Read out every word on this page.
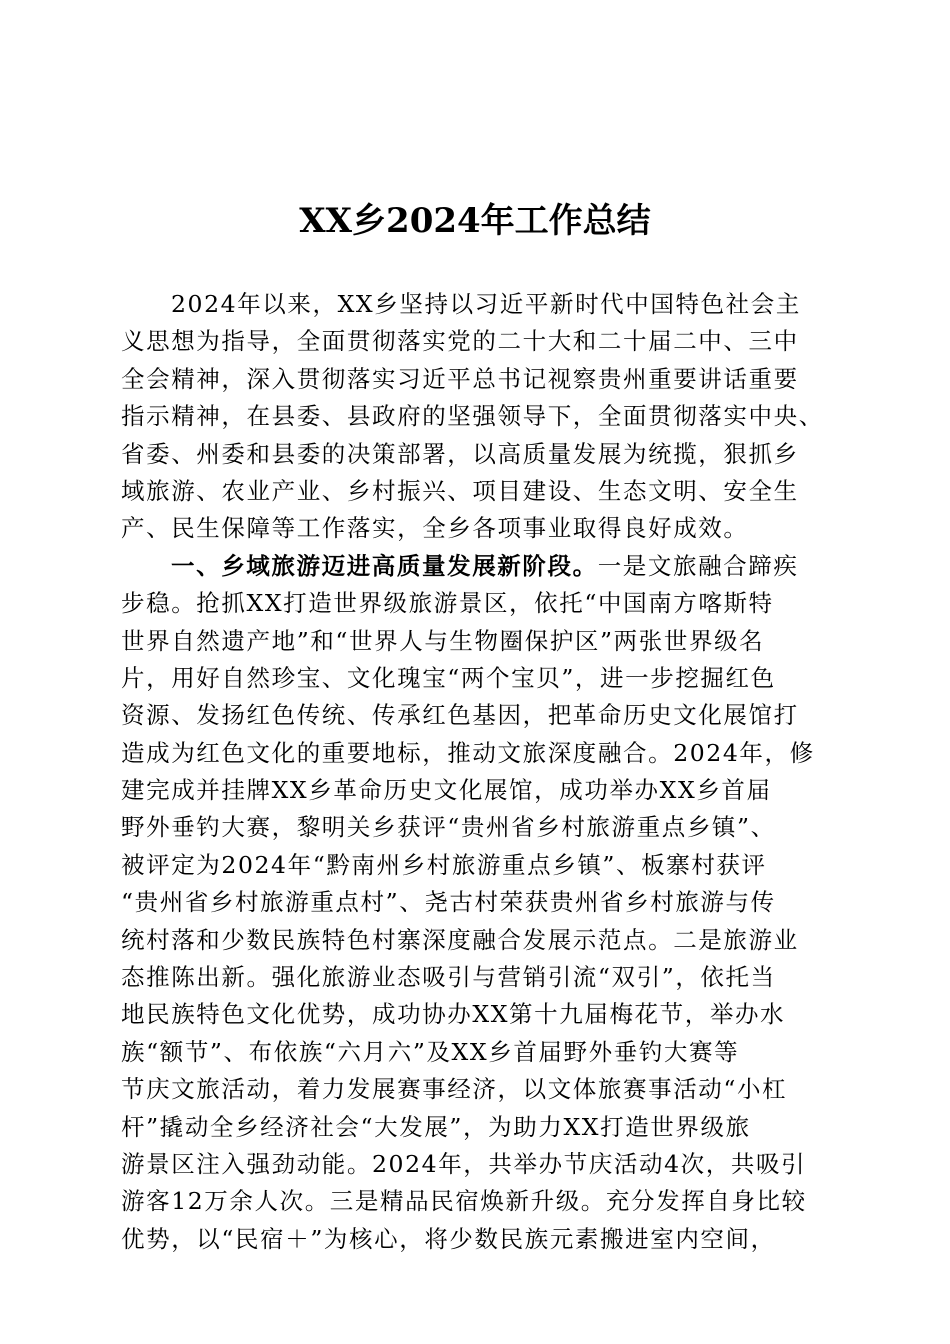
XX乡2024年工作总结
2024年以来，XX乡坚持以习近平新时代中国特色社会主
义思想为指导，全面贯彻落实党的二十大和二十届二中、三中
全会精神，深入贯彻落实习近平总书记视察贵州重要讲话重要
指示精神，在县委、县政府的坚强领导下，全面贯彻落实中央、
省委、州委和县委的决策部署，以高质量发展为统揽，狠抓乡
域旅游、农业产业、乡村振兴、项目建设、生态文明、安全生
产、民生保障等工作落实，全乡各项事业取得良好成效。
一、乡域旅游迈进高质量发展新阶段。一是文旅融合蹄疾
步稳。抢抓XX打造世界级旅游景区，依托“中国南方喀斯特
世界自然遗产地”和“世界人与生物圈保护区”两张世界级名
片，用好自然珍宝、文化瑰宝“两个宝贝”，进一步挖掘红色
资源、发扬红色传统、传承红色基因，把革命历史文化展馆打
造成为红色文化的重要地标，推动文旅深度融合。2024年，修
建完成并挂牌XX乡革命历史文化展馆，成功举办XX乡首届
野外垂钓大赛，黎明关乡获评“贵州省乡村旅游重点乡镇”、
被评定为2024年“黔南州乡村旅游重点乡镇”、板寨村获评
“贵州省乡村旅游重点村”、尧古村荣获贵州省乡村旅游与传
统村落和少数民族特色村寨深度融合发展示范点。二是旅游业
态推陈出新。强化旅游业态吸引与营销引流“双引”，依托当
地民族特色文化优势，成功协办XX第十九届梅花节，举办水
族“额节”、布依族“六月六”及XX乡首届野外垂钓大赛等
节庆文旅活动，着力发展赛事经济，以文体旅赛事活动“小杠
杆”撬动全乡经济社会“大发展”，为助力XX打造世界级旅
游景区注入强劲动能。2024年，共举办节庆活动4次，共吸引
游客12万余人次。三是精品民宿焕新升级。充分发挥自身比较
优势，以“民宿＋”为核心，将少数民族元素搬进室内空间，
